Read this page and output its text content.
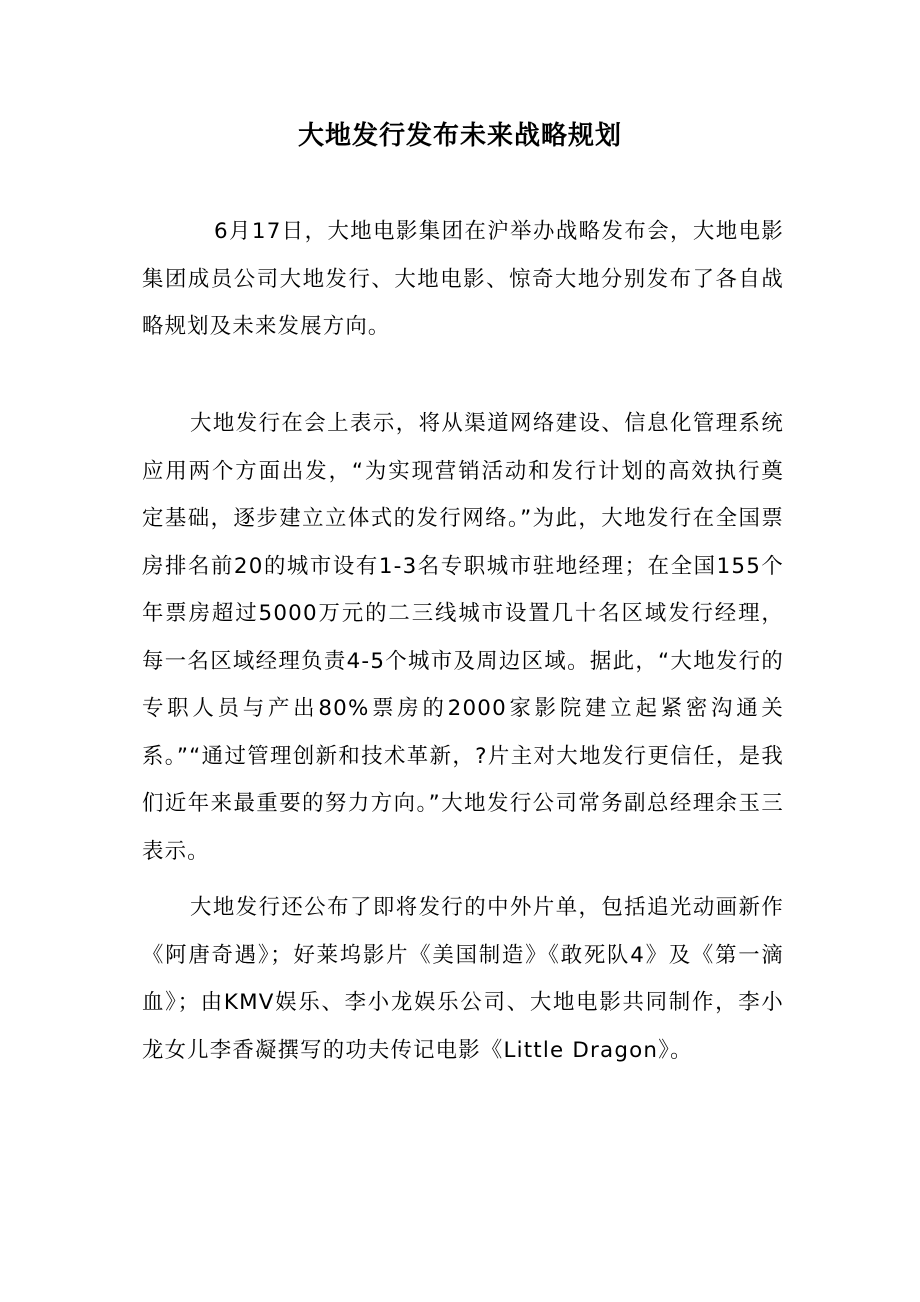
大地发行发布未来战略规划

6月17日，大地电影集团在沪举办战略发布会，大地电影集团成员公司大地发行、大地电影、惊奇大地分别发布了各自战略规划及未来发展方向。

大地发行在会上表示，将从渠道网络建设、信息化管理系统应用两个方面出发，“为实现营销活动和发行计划的高效执行奠定基础，逐步建立立体式的发行网络。”为此，大地发行在全国票房排名前20的城市设有1-3名专职城市驻地经理；在全国155个年票房超过5000万元的二三线城市设置几十名区域发行经理，每一名区域经理负责4-5个城市及周边区域。据此，“大地发行的专职人员与产出80%票房的2000家影院建立起紧密沟通关系。”“通过管理创新和技术革新，?片主对大地发行更信任，是我们近年来最重要的努力方向。”大地发行公司常务副总经理余玉三表示。

大地发行还公布了即将发行的中外片单，包括追光动画新作《阿唐奇遇》；好莱坞影片《美国制造》《敢死队4》及《第一滴血》；由KMV娱乐、李小龙娱乐公司、大地电影共同制作，李小龙女儿李香凝撰写的功夫传记电影《Little Dragon》。
